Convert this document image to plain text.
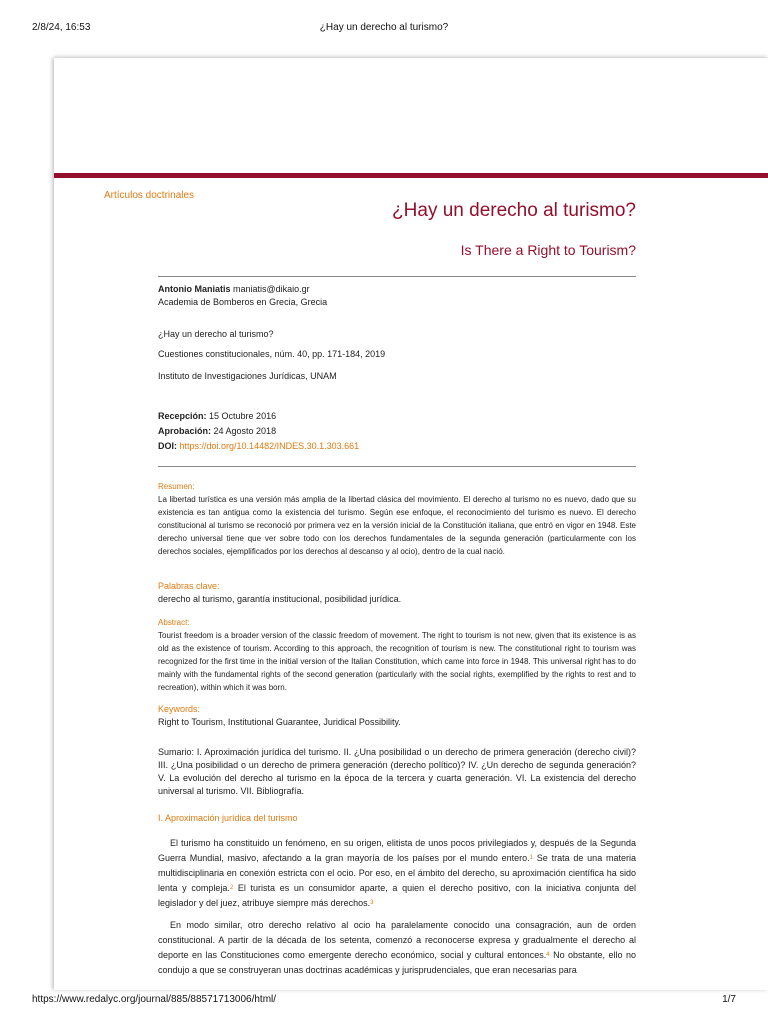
2/8/24, 16:53	¿Hay un derecho al turismo?
Artículos doctrinales
¿Hay un derecho al turismo?
Is There a Right to Tourism?
Antonio Maniatis maniatis@dikaio.gr
Academia de Bomberos en Grecia, Grecia
¿Hay un derecho al turismo?
Cuestiones constitucionales, núm. 40, pp. 171-184, 2019
Instituto de Investigaciones Jurídicas, UNAM
Recepción: 15 Octubre 2016
Aprobación: 24 Agosto 2018
DOI: https://doi.org/10.14482/INDES.30.1.303.661
Resumen:
La libertad turística es una versión más amplia de la libertad clásica del movimiento. El derecho al turismo no es nuevo, dado que su existencia es tan antigua como la existencia del turismo. Según ese enfoque, el reconocimiento del turismo es nuevo. El derecho constitucional al turismo se reconoció por primera vez en la versión inicial de la Constitución italiana, que entró en vigor en 1948. Este derecho universal tiene que ver sobre todo con los derechos fundamentales de la segunda generación (particularmente con los derechos sociales, ejemplificados por los derechos al descanso y al ocio), dentro de la cual nació.
Palabras clave:
derecho al turismo, garantía institucional, posibilidad jurídica.
Abstract:
Tourist freedom is a broader version of the classic freedom of movement. The right to tourism is not new, given that its existence is as old as the existence of tourism. According to this approach, the recognition of tourism is new. The constitutional right to tourism was recognized for the first time in the initial version of the Italian Constitution, which came into force in 1948. This universal right has to do mainly with the fundamental rights of the second generation (particularly with the social rights, exemplified by the rights to rest and to recreation), within which it was born.
Keywords:
Right to Tourism, Institutional Guarantee, Juridical Possibility.
Sumario: I. Aproximación jurídica del turismo. II. ¿Una posibilidad o un derecho de primera generación (derecho civil)? III. ¿Una posibilidad o un derecho de primera generación (derecho político)? IV. ¿Un derecho de segunda generación? V. La evolución del derecho al turismo en la época de la tercera y cuarta generación. VI. La existencia del derecho universal al turismo. VII. Bibliografía.
I. Aproximación jurídica del turismo

El turismo ha constituido un fenómeno, en su origen, elitista de unos pocos privilegiados y, después de la Segunda Guerra Mundial, masivo, afectando a la gran mayoría de los países por el mundo entero.$^1$ Se trata de una materia multidisciplinaria en conexión estricta con el ocio. Por eso, en el ámbito del derecho, su aproximación científica ha sido lenta y compleja.$^2$ El turista es un consumidor aparte, a quien el derecho positivo, con la iniciativa conjunta del legislador y del juez, atribuye siempre más derechos.$^3$

En modo similar, otro derecho relativo al ocio ha paralelamente conocido una consagración, aun de orden constitucional. A partir de la década de los setenta, comenzó a reconocerse expresa y gradualmente el derecho al deporte en las Constituciones como emergente derecho económico, social y cultural entonces.$^4$ No obstante, ello no condujo a que se construyeran unas doctrinas académicas y jurisprudenciales, que eran necesarias para

https://www.redalyc.org/journal/885/88571713006/html/	1/7
